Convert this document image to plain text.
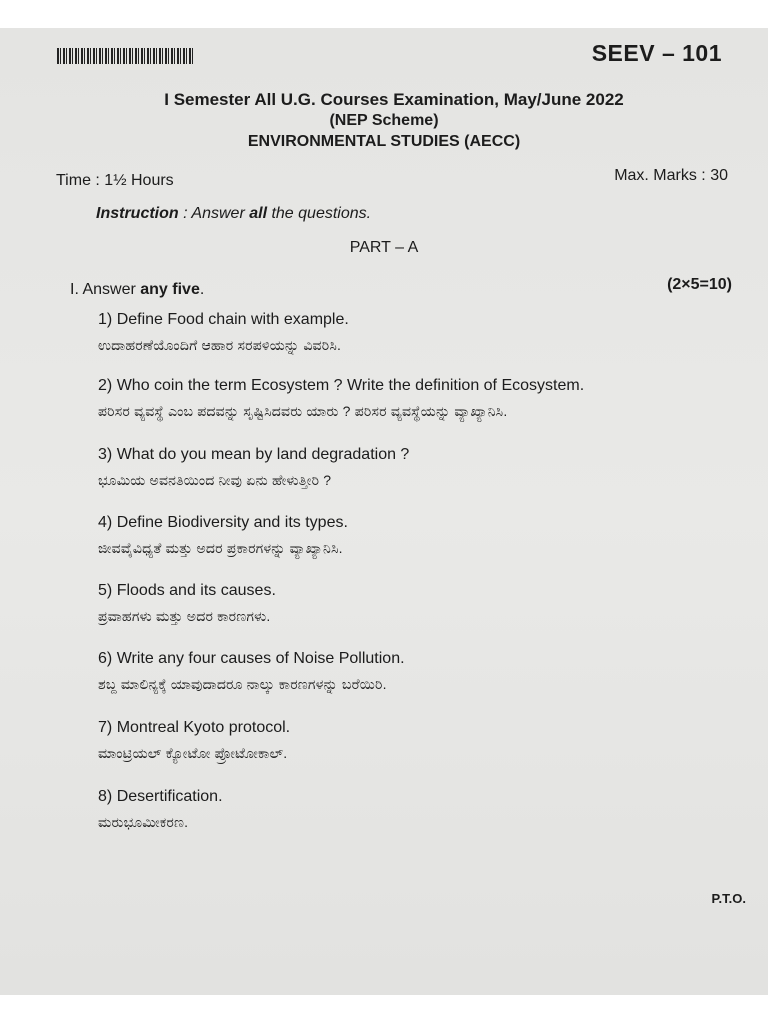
SEEV – 101
I Semester All U.G. Courses Examination, May/June 2022
(NEP Scheme)
ENVIRONMENTAL STUDIES (AECC)
Time : 1½ Hours	Max. Marks : 30
Instruction : Answer all the questions.
PART – A
I. Answer any five.	(2×5=10)
1) Define Food chain with example.
ಉದಾಹರಣೆಯೊಂದಿಗೆ ಆಹಾರ ಸರಪಳಿಯನ್ನು ವಿವರಿಸಿ.
2) Who coin the term Ecosystem ? Write the definition of Ecosystem.
ಪರಿಸರ ವ್ಯವಸ್ಥೆ ಎಂಬ ಪದವನ್ನು ಸೃಷ್ಟಿಸಿದವರು ಯಾರು ? ಪರಿಸರ ವ್ಯವಸ್ಥೆಯನ್ನು ವ್ಯಾಖ್ಯಾನಿಸಿ.
3) What do you mean by land degradation ?
ಭೂಮಿಯ ಅವನತಿಯಿಂದ ನೀವು ಏನು ಹೇಳುತ್ತೀರಿ ?
4) Define Biodiversity and its types.
ಜೀವವೈವಿಧ್ಯತೆ ಮತ್ತು ಅದರ ಪ್ರಕಾರಗಳನ್ನು ವ್ಯಾಖ್ಯಾನಿಸಿ.
5) Floods and its causes.
ಪ್ರವಾಹಗಳು ಮತ್ತು ಅದರ ಕಾರಣಗಳು.
6) Write any four causes of Noise Pollution.
ಶಬ್ದ ಮಾಲಿನ್ಯಕ್ಕೆ ಯಾವುದಾದರೂ ನಾಲ್ಕು ಕಾರಣಗಳನ್ನು ಬರೆಯಿರಿ.
7) Montreal Kyoto protocol.
ಮಾಂಟ್ರಿಯಲ್ ಕ್ಯೋಟೋ ಪ್ರೋಟೋಕಾಲ್.
8) Desertification.
ಮರುಭೂಮೀಕರಣ.
P.T.O.
